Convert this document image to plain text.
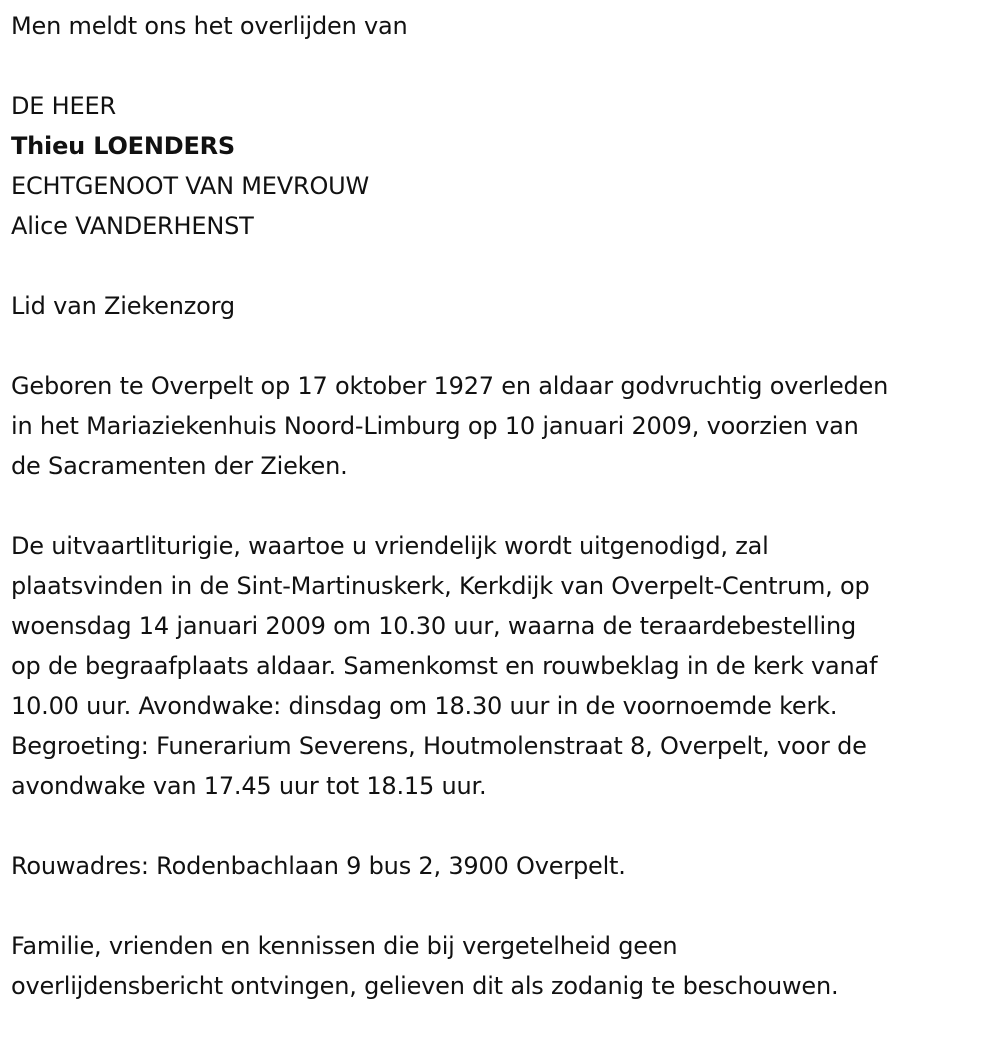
Men meldt ons het overlijden van
DE HEER
Thieu LOENDERS
ECHTGENOOT VAN MEVROUW
Alice VANDERHENST
Lid van Ziekenzorg
Geboren te Overpelt op 17 oktober 1927 en aldaar godvruchtig overleden
in het Mariaziekenhuis Noord-Limburg op 10 januari 2009, voorzien van
de Sacramenten der Zieken.
De uitvaartliturigie, waartoe u vriendelijk wordt uitgenodigd, zal
plaatsvinden in de Sint-Martinuskerk, Kerkdijk van Overpelt-Centrum, op
woensdag 14 januari 2009 om 10.30 uur, waarna de teraardebestelling
op de begraafplaats aldaar. Samenkomst en rouwbeklag in de kerk vanaf
10.00 uur. Avondwake: dinsdag om 18.30 uur in de voornoemde kerk.
Begroeting: Funerarium Severens, Houtmolenstraat 8, Overpelt, voor de
avondwake van 17.45 uur tot 18.15 uur.
Rouwadres: Rodenbachlaan 9 bus 2, 3900 Overpelt.
Familie, vrienden en kennissen die bij vergetelheid geen
overlijdensbericht ontvingen, gelieven dit als zodanig te beschouwen.
